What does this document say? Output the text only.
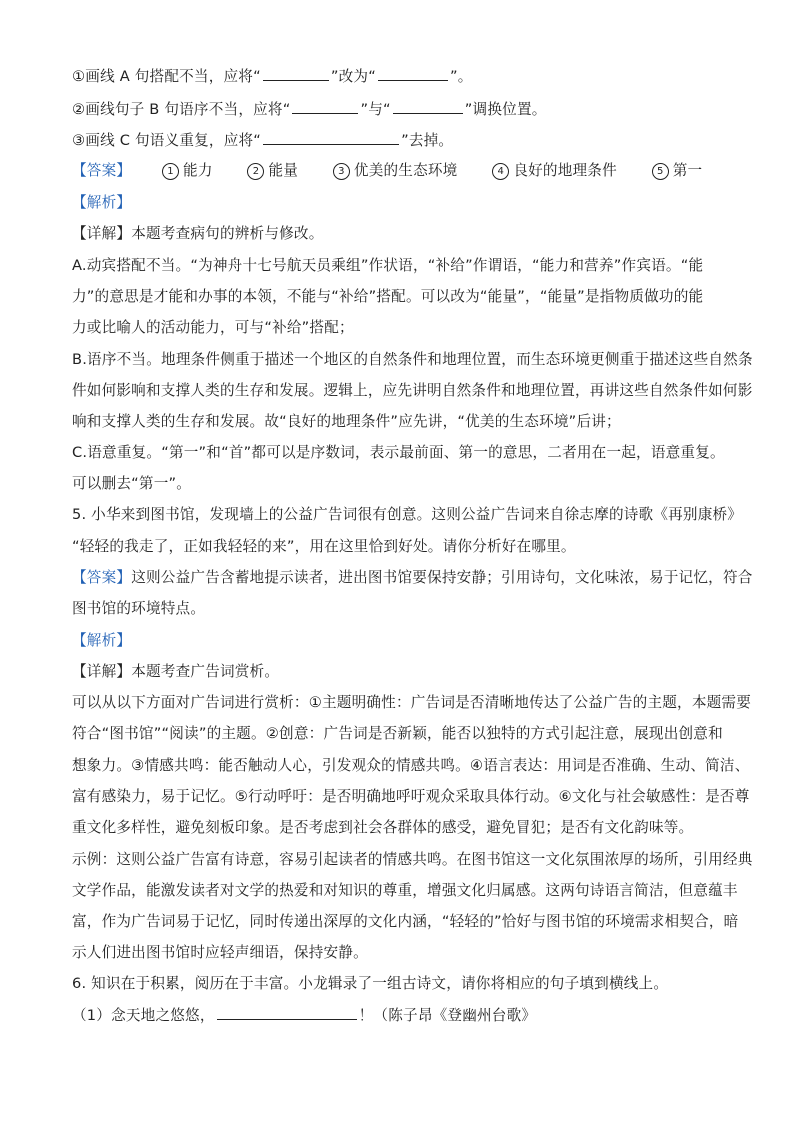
①画线 A 句搭配不当，应将“	”改为“	”。
②画线句子 B 句语序不当，应将“	”与“	”调换位置。
③画线 C 句语义重复，应将“	”去掉。
【答案】	1 能力	2 能量	3 优美的生态环境	4 良好的地理条件	5 第一
【解析】
【详解】本题考查病句的辨析与修改。
A.动宾搭配不当。“为神舟十七号航天员乘组”作状语，“补给”作谓语，“能力和营养”作宾语。“能
力”的意思是才能和办事的本领，不能与“补给”搭配。可以改为“能量”，“能量”是指物质做功的能
力或比喻人的活动能力，可与“补给”搭配；
B.语序不当。地理条件侧重于描述一个地区的自然条件和地理位置，而生态环境更侧重于描述这些自然条
件如何影响和支撑人类的生存和发展。逻辑上，应先讲明自然条件和地理位置，再讲这些自然条件如何影
响和支撑人类的生存和发展。故“良好的地理条件”应先讲，“优美的生态环境”后讲；
C.语意重复。“第一”和“首”都可以是序数词，表示最前面、第一的意思，二者用在一起，语意重复。
可以删去“第一”。
5. 小华来到图书馆，发现墙上的公益广告词很有创意。这则公益广告词来自徐志摩的诗歌《再别康桥》
“轻轻的我走了，正如我轻轻的来”，用在这里恰到好处。请你分析好在哪里。
【答案】这则公益广告含蓄地提示读者，进出图书馆要保持安静；引用诗句，文化味浓，易于记忆，符合
图书馆的环境特点。
【解析】
【详解】本题考查广告词赏析。
可以从以下方面对广告词进行赏析：①主题明确性：广告词是否清晰地传达了公益广告的主题，本题需要
符合“图书馆”“阅读”的主题。②创意：广告词是否新颖，能否以独特的方式引起注意，展现出创意和
想象力。③情感共鸣：能否触动人心，引发观众的情感共鸣。④语言表达：用词是否准确、生动、简洁、
富有感染力，易于记忆。⑤行动呼吁：是否明确地呼吁观众采取具体行动。⑥文化与社会敏感性：是否尊
重文化多样性，避免刻板印象。是否考虑到社会各群体的感受，避免冒犯；是否有文化韵味等。
示例：这则公益广告富有诗意，容易引起读者的情感共鸣。在图书馆这一文化氛围浓厚的场所，引用经典
文学作品，能激发读者对文学的热爱和对知识的尊重，增强文化归属感。这两句诗语言简洁，但意蕴丰
富，作为广告词易于记忆，同时传递出深厚的文化内涵，“轻轻的”恰好与图书馆的环境需求相契合，暗
示人们进出图书馆时应轻声细语，保持安静。
6. 知识在于积累，阅历在于丰富。小龙辑录了一组古诗文，请你将相应的句子填到横线上。
（1）念天地之悠悠，	！（陈子昂《登幽州台歌》
